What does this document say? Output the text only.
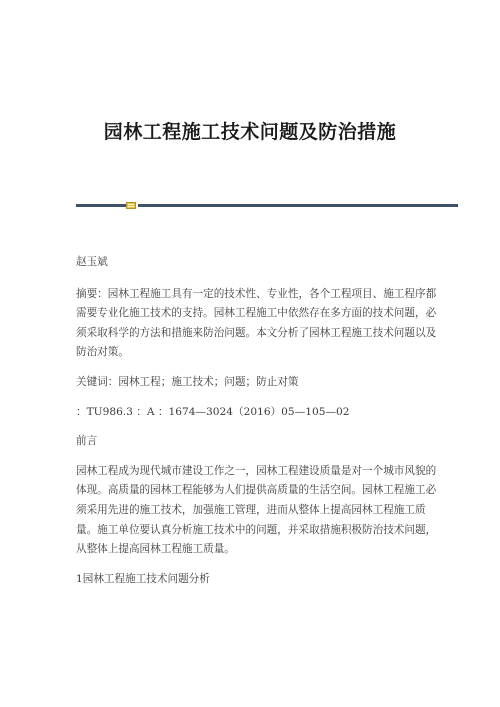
园林工程施工技术问题及防治措施

赵玉斌

摘要：园林工程施工具有一定的技术性、专业性，各个工程项目、施工程序都需要专业化施工技术的支持。园林工程施工中依然存在多方面的技术问题，必须采取科学的方法和措施来防治问题。本文分析了园林工程施工技术问题以及防治对策。

关键词：园林工程；施工技术；问题；防止对策

：TU986.3 ：A ：1674—3024（2016）05—105—02

前言

园林工程成为现代城市建设工作之一，园林工程建设质量是对一个城市风貌的体现。高质量的园林工程能够为人们提供高质量的生活空间。园林工程施工必须采用先进的施工技术，加强施工管理，进而从整体上提高园林工程施工质量。施工单位要认真分析施工技术中的问题，并采取措施积极防治技术问题，从整体上提高园林工程施工质量。

1园林工程施工技术问题分析
